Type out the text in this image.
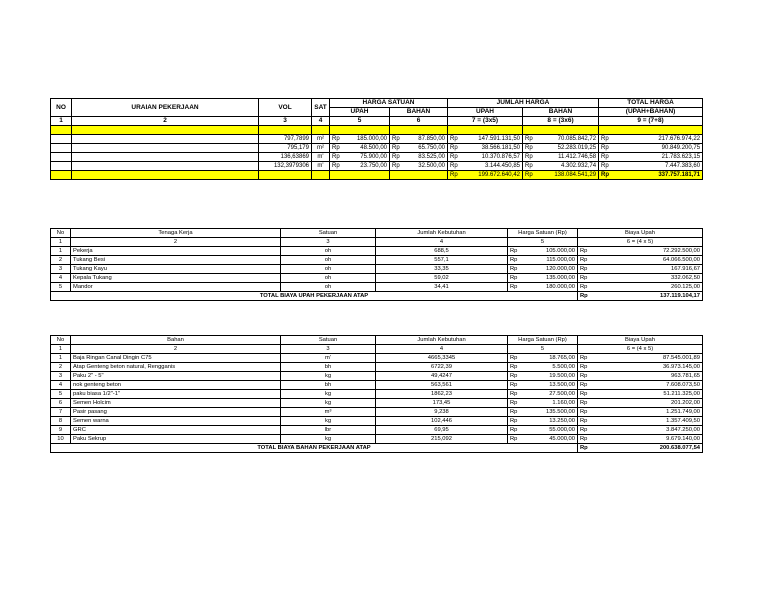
NO	URAIAN PEKERJAAN	VOL	SAT	HARGA SATUAN				JUMLAH HARGA				TOTAL HARGA	
				UPAH		BAHAN		UPAH		BAHAN		(UPAH+BAHAN)	
1	2	3	4	5		6		7 = (3x5)		8 = (3x6)		9 = (7+8)	

		797,7899	m²	Rp	185.000,00	Rp	87.850,00	Rp	147.591.131,50	Rp	70.085.842,72	Rp	217.676.974,22
		795,179	m²	Rp	48.500,00	Rp	65.750,00	Rp	38.566.181,50	Rp	52.283.019,25	Rp	90.849.200,75
		136,63869	m'	Rp	75.900,00	Rp	83.525,00	Rp	10.370.876,57	Rp	11.412.746,58	Rp	21.783.623,15
		132,3979306	m'	Rp	23.750,00	Rp	32.500,00	Rp	3.144.450,85	Rp	4.302.932,74	Rp	7.447.383,60
								Rp	199.672.640,42	Rp	138.084.541,29	Rp	337.757.181,71
No	Tenaga Kerja	Satuan	Jumlah Kebutuhan	Harga Satuan (Rp)		Biaya Upah	
1	2	3	4	5		6 = (4 x 5)	
1	Pekerja	oh	688,5	Rp	105.000,00	Rp	72.292.500,00
2	Tukang Besi	oh	557,1	Rp	115.000,00	Rp	64.066.500,00
3	Tukang Kayu	oh	33,35	Rp	120.000,00	Rp	167.916,67
4	Kepala Tukang	oh	59,02	Rp	135.000,00	Rp	332.062,50
5	Mandor	oh	34,41	Rp	180.000,00	Rp	260.125,00
TOTAL BIAYA UPAH PEKERJAAN ATAP						Rp	137.119.104,17
No	Bahan	Satuan	Jumlah Kebutuhan	Harga Satuan (Rp)		Biaya Upah	
1	2	3	4	5		6 = (4 x 5)	
1	Baja Ringan Canal Dingin C75	m'	4665,3345	Rp	18.765,00	Rp	87.545.001,89
2	Atap Genteng beton natural, Rengganis	bh	6722,39	Rp	5.500,00	Rp	36.973.145,00
3	Paku 2" - 5"	kg	49,4247	Rp	19.500,00	Rp	963.781,65
4	nok genteng beton	bh	563,561	Rp	13.500,00	Rp	7.608.073,50
5	paku biasa 1/2"-1"	kg	1862,23	Rp	27.500,00	Rp	51.211.325,00
6	Semen Holcim	kg	173,45	Rp	1.160,00	Rp	201.202,00
7	Pasir pasang	m³	9,238	Rp	135.500,00	Rp	1.251.749,00
8	Semen warna	kg	102,446	Rp	13.250,00	Rp	1.357.409,50
9	GRC	lbr	69,95	Rp	55.000,00	Rp	3.847.250,00
10	Paku Sekrup	kg	215,092	Rp	45.000,00	Rp	9.679.140,00
TOTAL BIAYA BAHAN PEKERJAAN ATAP						Rp	200.638.077,54
